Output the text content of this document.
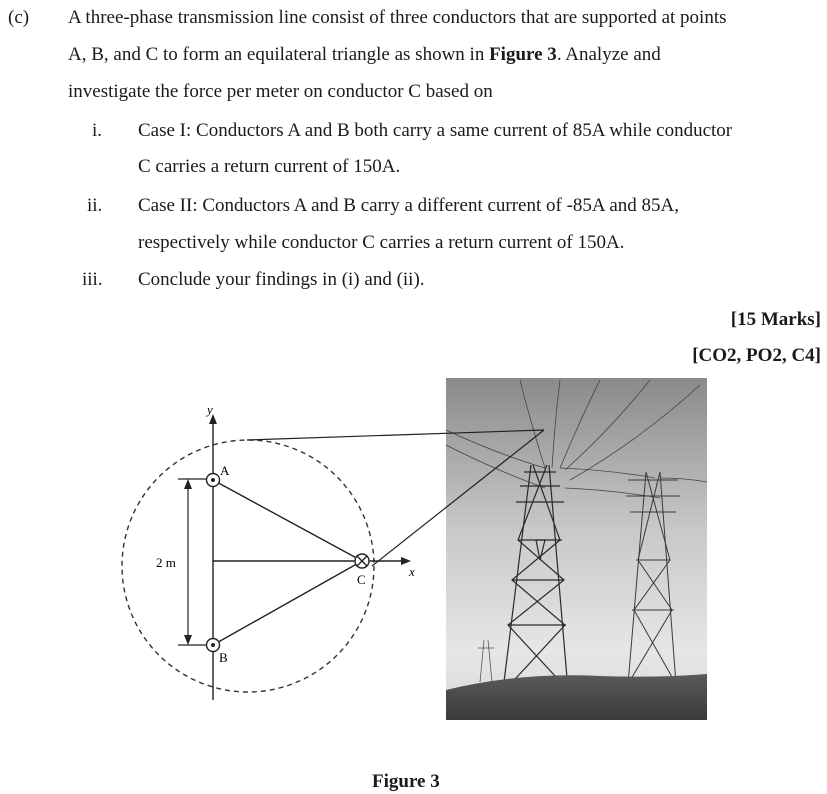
(c) A three-phase transmission line consist of three conductors that are supported at points
A, B, and C to form an equilateral triangle as shown in Figure 3. Analyze and
investigate the force per meter on conductor C based on
i. Case I: Conductors A and B both carry a same current of 85A while conductor
C carries a return current of 150A.
ii. Case II: Conductors A and B carry a different current of -85A and 85A,
respectively while conductor C carries a return current of 150A.
iii. Conclude your findings in (i) and (ii).
[15 Marks]
[CO2, PO2, C4]
y
x
2 m
A
B
C
Figure 3
